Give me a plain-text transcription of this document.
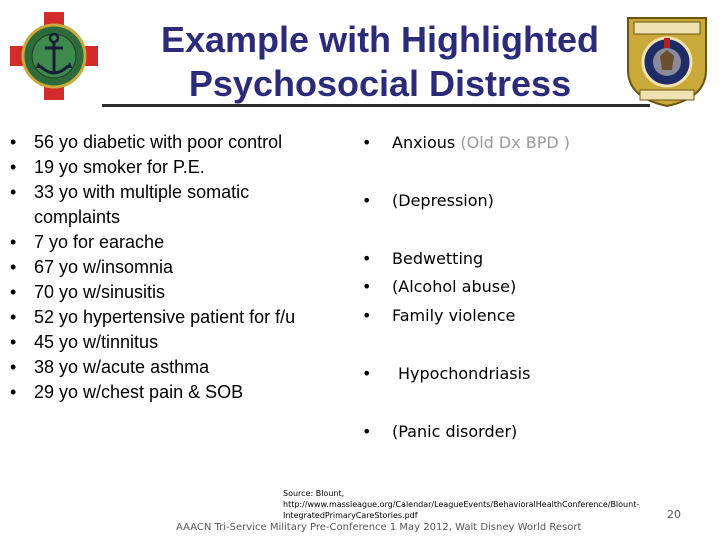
Example with Highlighted
Psychosocial Distress
• 56 yo diabetic with poor control
• 19 yo smoker for P.E.
• 33 yo with multiple somatic complaints
• 7 yo for earache
• 67 yo w/insomnia
• 70 yo w/sinusitis
• 52 yo hypertensive patient for f/u
• 45 yo w/tinnitus
• 38 yo w/acute asthma
• 29 yo w/chest pain & SOB
• Anxious (Old Dx BPD )
• (Depression)
• Bedwetting
• (Alcohol abuse)
• Family violence
• Hypochondriasis
• (Panic disorder)
Source: Blount, http://www.massleague.org/Calendar/LeagueEvents/BehavioralHealthConference/Blount-IntegratedPrimaryCareStories.pdf	20
AAACN Tri-Service Military Pre-Conference 1 May 2012, Walt Disney World Resort
